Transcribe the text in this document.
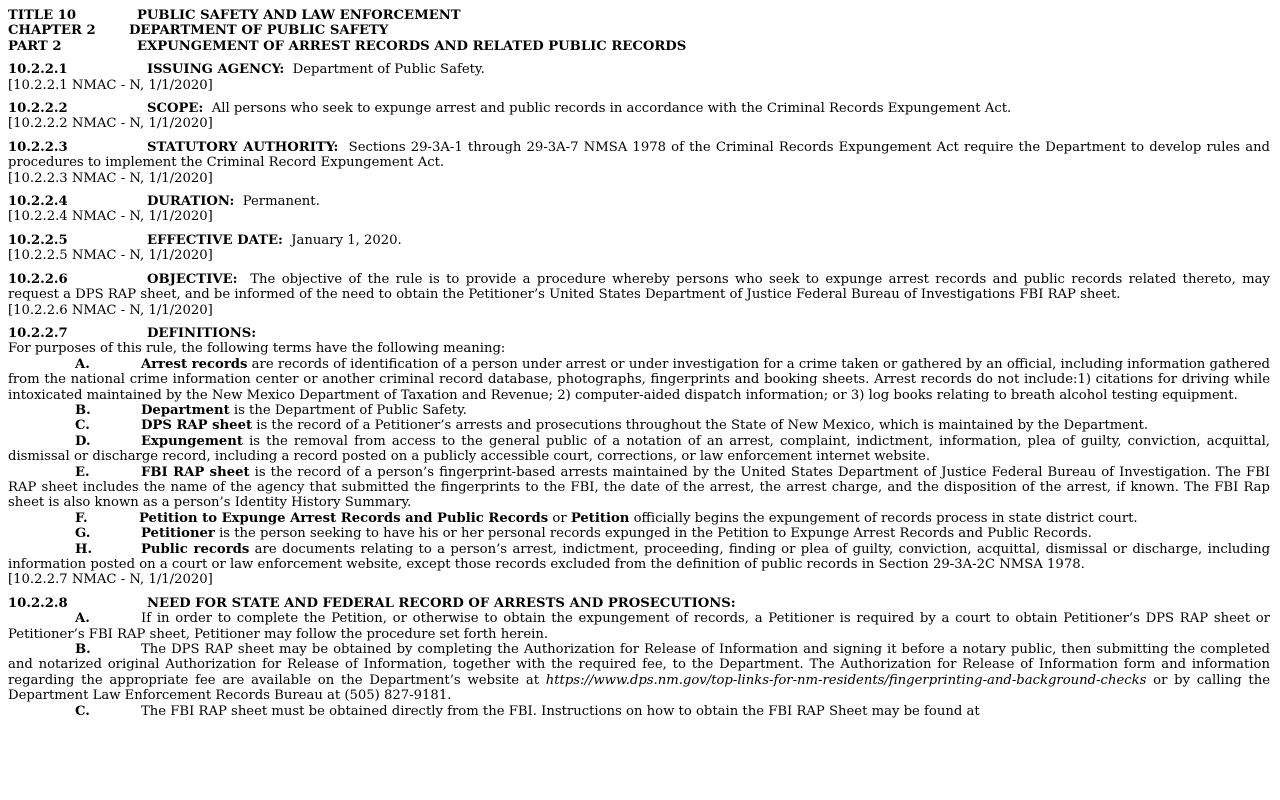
TITLE 10	PUBLIC SAFETY AND LAW ENFORCEMENT
CHAPTER 2	DEPARTMENT OF PUBLIC SAFETY
PART 2	EXPUNGEMENT OF ARREST RECORDS AND RELATED PUBLIC RECORDS
10.2.2.1	ISSUING AGENCY: Department of Public Safety.
[10.2.2.1 NMAC - N, 1/1/2020]
10.2.2.2	SCOPE: All persons who seek to expunge arrest and public records in accordance with the Criminal Records Expungement Act.
[10.2.2.2 NMAC - N, 1/1/2020]
10.2.2.3	STATUTORY AUTHORITY: Sections 29-3A-1 through 29-3A-7 NMSA 1978 of the Criminal Records Expungement Act require the Department to develop rules and procedures to implement the Criminal Record Expungement Act.
[10.2.2.3 NMAC - N, 1/1/2020]
10.2.2.4	DURATION: Permanent.
[10.2.2.4 NMAC - N, 1/1/2020]
10.2.2.5	EFFECTIVE DATE: January 1, 2020.
[10.2.2.5 NMAC - N, 1/1/2020]
10.2.2.6	OBJECTIVE: The objective of the rule is to provide a procedure whereby persons who seek to expunge arrest records and public records related thereto, may request a DPS RAP sheet, and be informed of the need to obtain the Petitioner’s United States Department of Justice Federal Bureau of Investigations FBI RAP sheet.
[10.2.2.6 NMAC - N, 1/1/2020]
10.2.2.7	DEFINITIONS:
For purposes of this rule, the following terms have the following meaning:
A.	Arrest records are records of identification of a person under arrest or under investigation for a crime taken or gathered by an official, including information gathered from the national crime information center or another criminal record database, photographs, fingerprints and booking sheets. Arrest records do not include:1) citations for driving while intoxicated maintained by the New Mexico Department of Taxation and Revenue; 2) computer-aided dispatch information; or 3) log books relating to breath alcohol testing equipment.
B.	Department is the Department of Public Safety.
C.	DPS RAP sheet is the record of a Petitioner’s arrests and prosecutions throughout the State of New Mexico, which is maintained by the Department.
D.	Expungement is the removal from access to the general public of a notation of an arrest, complaint, indictment, information, plea of guilty, conviction, acquittal, dismissal or discharge record, including a record posted on a publicly accessible court, corrections, or law enforcement internet website.
E.	FBI RAP sheet is the record of a person’s fingerprint-based arrests maintained by the United States Department of Justice Federal Bureau of Investigation. The FBI RAP sheet includes the name of the agency that submitted the fingerprints to the FBI, the date of the arrest, the arrest charge, and the disposition of the arrest, if known. The FBI Rap sheet is also known as a person’s Identity History Summary.
F.	Petition to Expunge Arrest Records and Public Records or Petition officially begins the expungement of records process in state district court.
G.	Petitioner is the person seeking to have his or her personal records expunged in the Petition to Expunge Arrest Records and Public Records.
H.	Public records are documents relating to a person’s arrest, indictment, proceeding, finding or plea of guilty, conviction, acquittal, dismissal or discharge, including information posted on a court or law enforcement website, except those records excluded from the definition of public records in Section 29-3A-2C NMSA 1978.
[10.2.2.7 NMAC - N, 1/1/2020]
10.2.2.8	NEED FOR STATE AND FEDERAL RECORD OF ARRESTS AND PROSECUTIONS:
A.	If in order to complete the Petition, or otherwise to obtain the expungement of records, a Petitioner is required by a court to obtain Petitioner’s DPS RAP sheet or Petitioner’s FBI RAP sheet, Petitioner may follow the procedure set forth herein.
B.	The DPS RAP sheet may be obtained by completing the Authorization for Release of Information and signing it before a notary public, then submitting the completed and notarized original Authorization for Release of Information, together with the required fee, to the Department. The Authorization for Release of Information form and information regarding the appropriate fee are available on the Department’s website at https://www.dps.nm.gov/top-links-for-nm-residents/fingerprinting-and-background-checks or by calling the Department Law Enforcement Records Bureau at (505) 827-9181.
C.	The FBI RAP sheet must be obtained directly from the FBI. Instructions on how to obtain the FBI RAP Sheet may be found at
